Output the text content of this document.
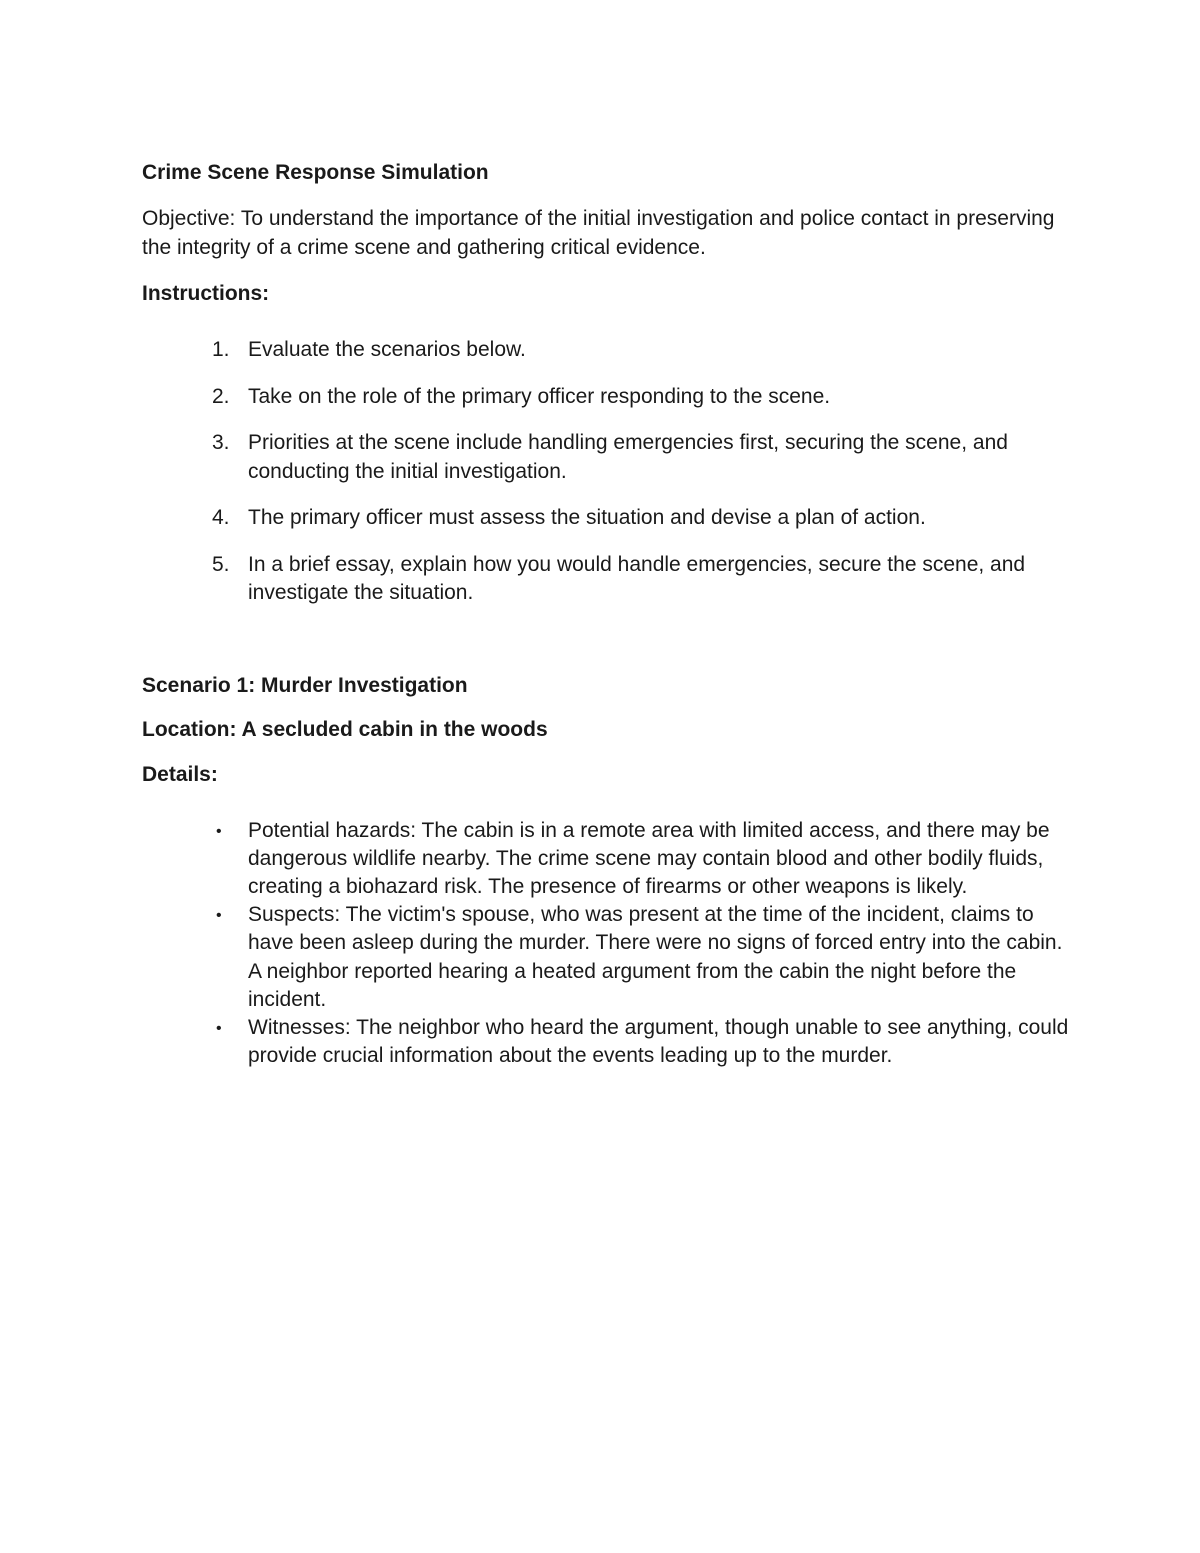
Crime Scene Response Simulation

Objective: To understand the importance of the initial investigation and police contact in preserving the integrity of a crime scene and gathering critical evidence.

Instructions:

1. Evaluate the scenarios below.
2. Take on the role of the primary officer responding to the scene.
3. Priorities at the scene include handling emergencies first, securing the scene, and conducting the initial investigation.
4. The primary officer must assess the situation and devise a plan of action.
5. In a brief essay, explain how you would handle emergencies, secure the scene, and investigate the situation.

Scenario 1: Murder Investigation

Location: A secluded cabin in the woods

Details:

• Potential hazards: The cabin is in a remote area with limited access, and there may be dangerous wildlife nearby. The crime scene may contain blood and other bodily fluids, creating a biohazard risk. The presence of firearms or other weapons is likely.
• Suspects: The victim's spouse, who was present at the time of the incident, claims to have been asleep during the murder. There were no signs of forced entry into the cabin. A neighbor reported hearing a heated argument from the cabin the night before the incident.
• Witnesses: The neighbor who heard the argument, though unable to see anything, could provide crucial information about the events leading up to the murder.
